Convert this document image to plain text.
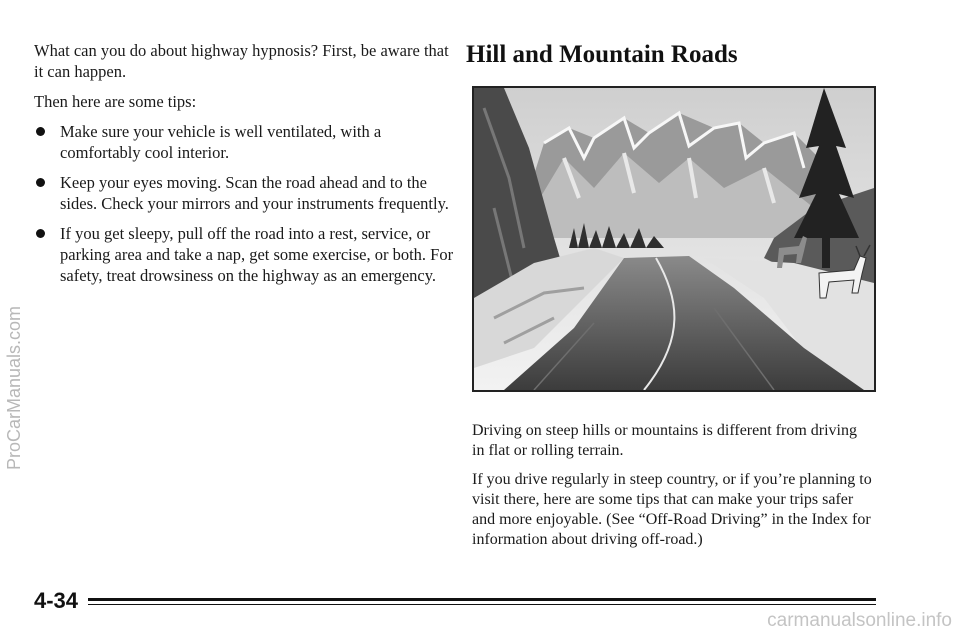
What can you do about highway hypnosis? First, be aware that it can happen.

Then here are some tips:

Make sure your vehicle is well ventilated, with a comfortably cool interior.
Keep your eyes moving. Scan the road ahead and to the sides. Check your mirrors and your instruments frequently.
If you get sleepy, pull off the road into a rest, service, or parking area and take a nap, get some exercise, or both. For safety, treat drowsiness on the highway as an emergency.
Hill and Mountain Roads

Driving on steep hills or mountains is different from driving in flat or rolling terrain.

If you drive regularly in steep country, or if you’re planning to visit there, here are some tips that can make your trips safer and more enjoyable. (See “Off-Road Driving” in the Index for information about driving off-road.)

4-34
ProCarManuals.com
carmanualsonline.info
